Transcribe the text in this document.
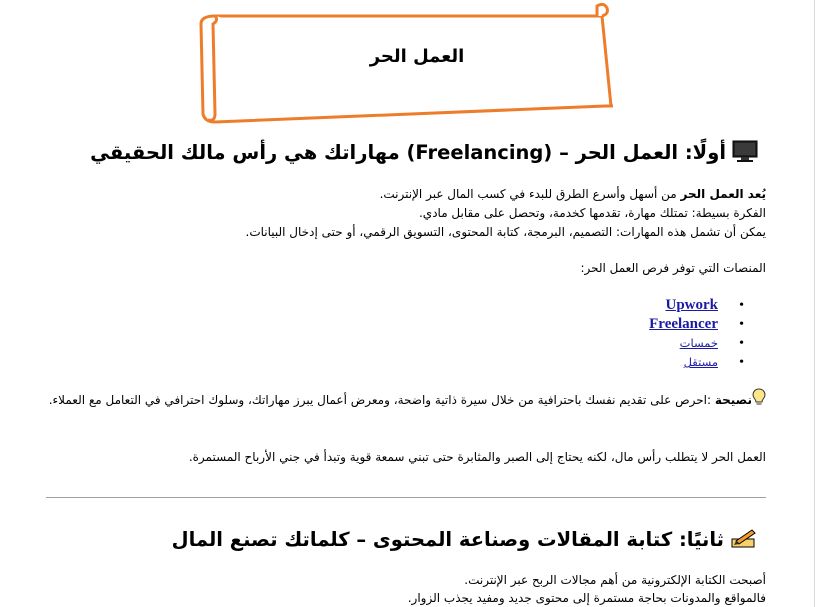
العمل الحر
أولًا: العمل الحر – (Freelancing) مهاراتك هي رأس مالك الحقيقي
يُعد العمل الحر من أسهل وأسرع الطرق للبدء في كسب المال عبر الإنترنت.
الفكرة بسيطة: تمتلك مهارة، تقدمها كخدمة، وتحصل على مقابل مادي.
يمكن أن تشمل هذه المهارات: التصميم، البرمجة، كتابة المحتوى، التسويق الرقمي، أو حتى إدخال البيانات.
المنصات التي توفر فرص العمل الحر:
Upwork •
Freelancer •
خمسات •
مستقل •
نصيحة :احرص على تقديم نفسك باحترافية من خلال سيرة ذاتية واضحة، ومعرض أعمال يبرز مهاراتك، وسلوك احترافي في التعامل مع العملاء.
العمل الحر لا يتطلب رأس مال، لكنه يحتاج إلى الصبر والمثابرة حتى تبني سمعة قوية وتبدأ في جني الأرباح المستمرة.
ثانيًا: كتابة المقالات وصناعة المحتوى – كلماتك تصنع المال
أصبحت الكتابة الإلكترونية من أهم مجالات الربح عبر الإنترنت.
فالمواقع والمدونات بحاجة مستمرة إلى محتوى جديد ومفيد يجذب الزوار.
